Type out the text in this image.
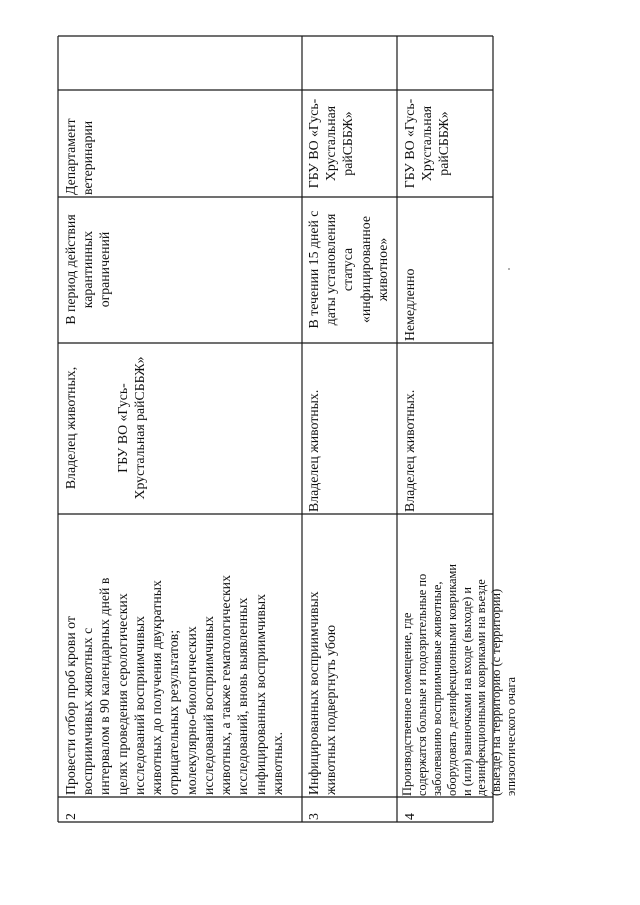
2
Провести отбор проб крови от
восприимчивых животных с
интервалом в 90 календарных дней в
целях проведения серологических
исследований восприимчивых
животных до получения двукратных
отрицательных результатов;
молекулярно-биологических
исследований восприимчивых
животных, а также гематологических
исследований, вновь выявленных
инфицированных восприимчивых
животных.
Владелец животных,

ГБУ ВО «Гусь-
Хрустальная райСББЖ»
В период действия
карантинных
ограничений
Департамент
ветеринарии
3
Инфицированных восприимчивых
животных подвергнуть убою
Владелец животных.
В течении 15 дней с
даты установления
статуса
«инфицированное
животное»
ГБУ ВО «Гусь-
Хрустальная
райСББЖ»
4
Производственное помещение, где
содержатся больные и подозрительные по
заболеванию восприимчивые животные,
оборудовать дезинфекционными ковриками
и (или) ванночками на входе (выходе) и
дезинфекционными ковриками на въезде
(выезде) на территорию (с территории)
эпизоотического очага
Владелец животных.
Немедленно
ГБУ ВО «Гусь-
Хрустальная
райСББЖ»
